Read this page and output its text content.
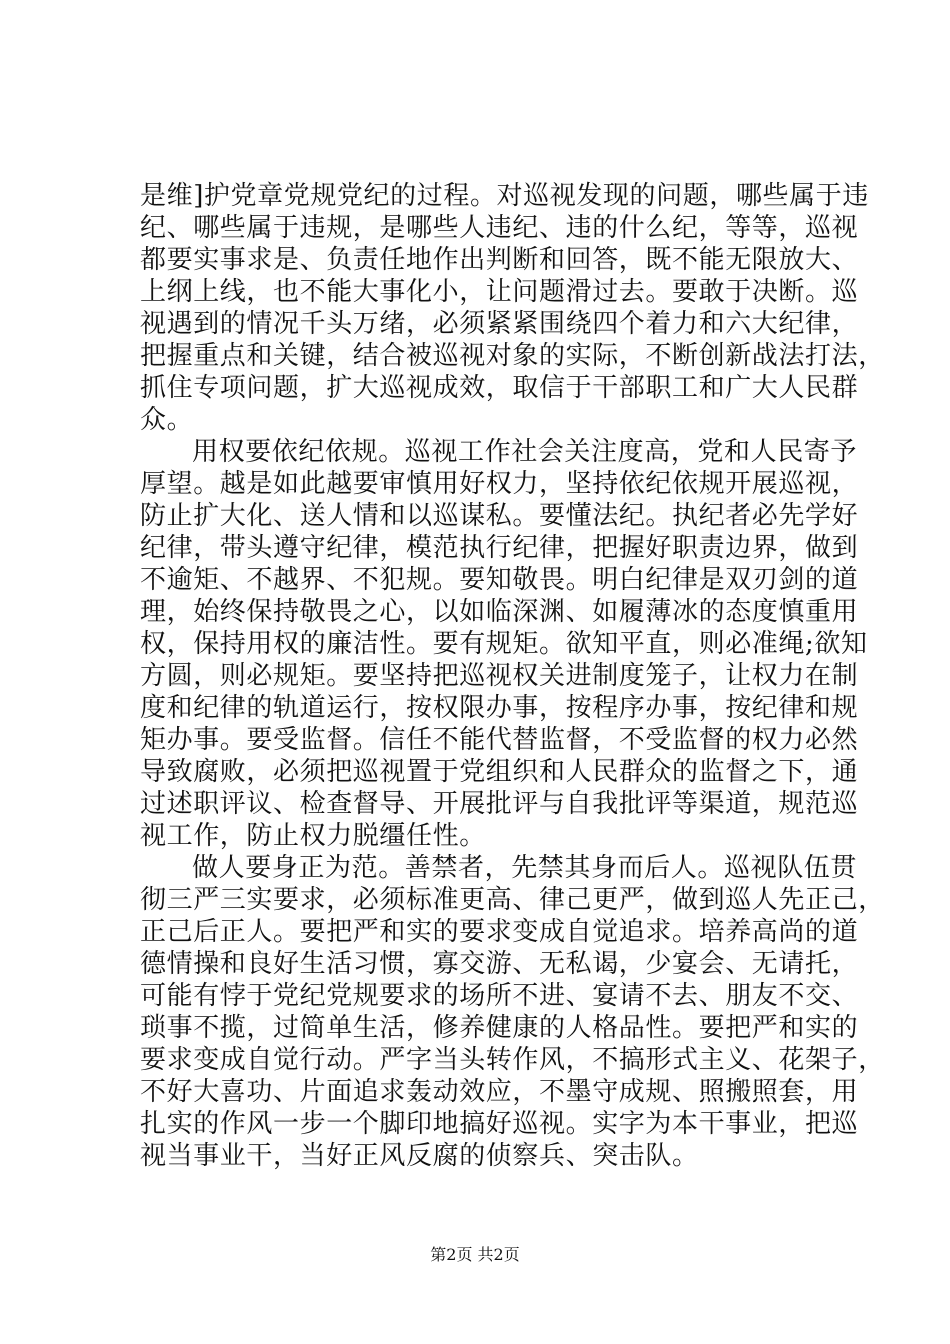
是维]护党章党规党纪的过程。对巡视发现的问题，哪些属于违
纪、哪些属于违规，是哪些人违纪、违的什么纪，等等，巡视
都要实事求是、负责任地作出判断和回答，既不能无限放大、
上纲上线，也不能大事化小，让问题滑过去。要敢于决断。巡
视遇到的情况千头万绪，必须紧紧围绕四个着力和六大纪律，
把握重点和关键，结合被巡视对象的实际，不断创新战法打法，
抓住专项问题，扩大巡视成效，取信于干部职工和广大人民群
众。
用权要依纪依规。巡视工作社会关注度高，党和人民寄予
厚望。越是如此越要审慎用好权力，坚持依纪依规开展巡视，
防止扩大化、送人情和以巡谋私。要懂法纪。执纪者必先学好
纪律，带头遵守纪律，模范执行纪律，把握好职责边界，做到
不逾矩、不越界、不犯规。要知敬畏。明白纪律是双刃剑的道
理，始终保持敬畏之心，以如临深渊、如履薄冰的态度慎重用
权，保持用权的廉洁性。要有规矩。欲知平直，则必准绳;欲知
方圆，则必规矩。要坚持把巡视权关进制度笼子，让权力在制
度和纪律的轨道运行，按权限办事，按程序办事，按纪律和规
矩办事。要受监督。信任不能代替监督，不受监督的权力必然
导致腐败，必须把巡视置于党组织和人民群众的监督之下，通
过述职评议、检查督导、开展批评与自我批评等渠道，规范巡
视工作，防止权力脱缰任性。
做人要身正为范。善禁者，先禁其身而后人。巡视队伍贯
彻三严三实要求，必须标准更高、律己更严，做到巡人先正己，
正己后正人。要把严和实的要求变成自觉追求。培养高尚的道
德情操和良好生活习惯，寡交游、无私谒，少宴会、无请托，
可能有悖于党纪党规要求的场所不进、宴请不去、朋友不交、
琐事不揽，过简单生活，修养健康的人格品性。要把严和实的
要求变成自觉行动。严字当头转作风，不搞形式主义、花架子，
不好大喜功、片面追求轰动效应，不墨守成规、照搬照套，用
扎实的作风一步一个脚印地搞好巡视。实字为本干事业，把巡
视当事业干，当好正风反腐的侦察兵、突击队。
第2页 共2页
